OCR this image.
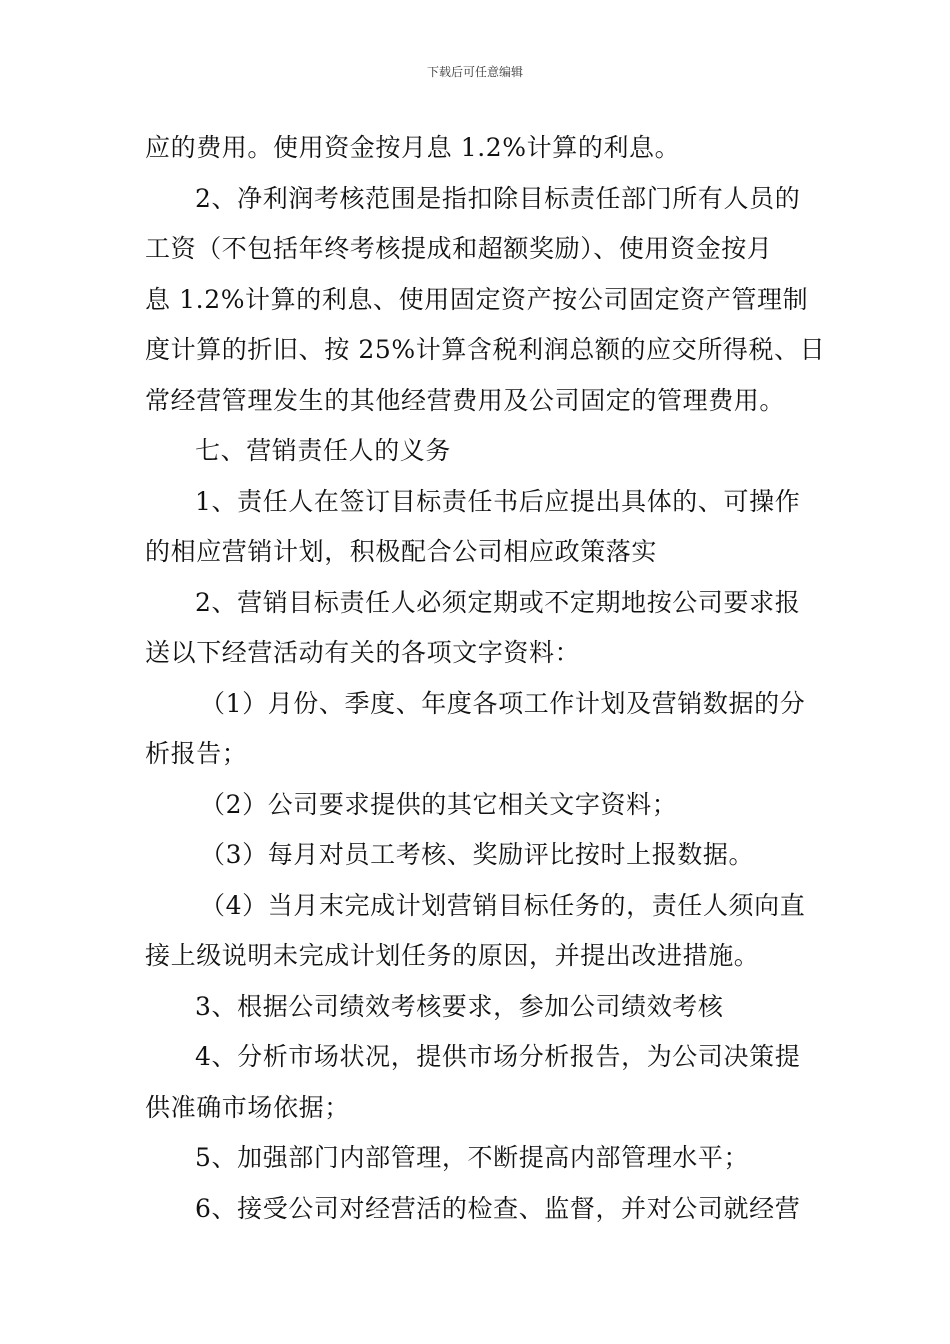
下载后可任意编辑
应的费用。使用资金按月息 1.2%计算的利息。
2、净利润考核范围是指扣除目标责任部门所有人员的
工资（不包括年终考核提成和超额奖励）、使用资金按月
息 1.2%计算的利息、使用固定资产按公司固定资产管理制
度计算的折旧、按 25%计算含税利润总额的应交所得税、日
常经营管理发生的其他经营费用及公司固定的管理费用。
七、营销责任人的义务
1、责任人在签订目标责任书后应提出具体的、可操作
的相应营销计划，积极配合公司相应政策落实
2、营销目标责任人必须定期或不定期地按公司要求报
送以下经营活动有关的各项文字资料：
（1）月份、季度、年度各项工作计划及营销数据的分
析报告；
（2）公司要求提供的其它相关文字资料；
（3）每月对员工考核、奖励评比按时上报数据。
（4）当月末完成计划营销目标任务的，责任人须向直
接上级说明未完成计划任务的原因，并提出改进措施。
3、根据公司绩效考核要求，参加公司绩效考核
4、分析市场状况，提供市场分析报告，为公司决策提
供准确市场依据；
5、加强部门内部管理，不断提高内部管理水平；
6、接受公司对经营活的检查、监督，并对公司就经营
